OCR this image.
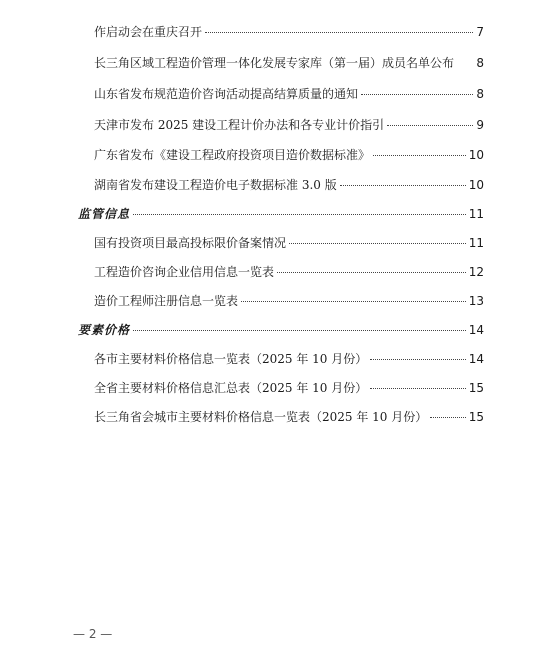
作启动会在重庆召开	7
长三角区域工程造价管理一体化发展专家库（第一届）成员名单公布 8
山东省发布规范造价咨询活动提高结算质量的通知	8
天津市发布 2025 建设工程计价办法和各专业计价指引	9
广东省发布《建设工程政府投资项目造价数据标准》	10
湖南省发布建设工程造价电子数据标准 3.0 版	10
监管信息	11
国有投资项目最高投标限价备案情况	11
工程造价咨询企业信用信息一览表	12
造价工程师注册信息一览表	13
要素价格	14
各市主要材料价格信息一览表（2025 年 10 月份）	14
全省主要材料价格信息汇总表（2025 年 10 月份）	15
长三角省会城市主要材料价格信息一览表（2025 年 10 月份）	15
— 2 —
